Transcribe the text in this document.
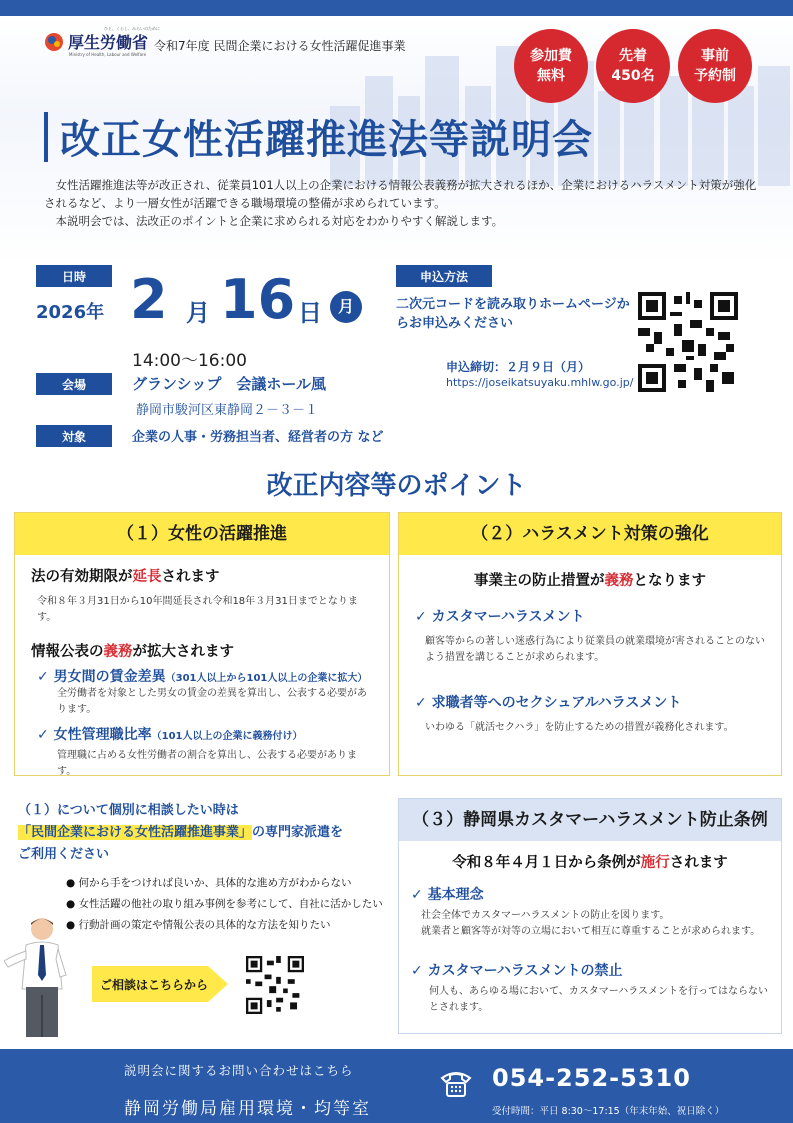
ひと、くらし、みらいのために
厚生労働省
Ministry of Health, Labour and Welfare
令和7年度 民間企業における女性活躍促進事業
参加費
無料
先着
450名
事前
予約制
改正女性活躍推進法等説明会

女性活躍推進法等が改正され、従業員101人以上の企業における情報公表義務が拡大されるほか、企業におけるハラスメント対策が強化されるなど、より一層女性が活躍できる職場環境の整備が求められています。

本説明会では、法改正のポイントと企業に求められる対応をわかりやすく解説します。

日時
2026年 2 月 16 日 月
14:00～16:00
会場	グランシップ　会議ホール風
静岡市駿河区東静岡２－３－１
対象	企業の人事・労務担当者、経営者の方 など
申込方法
二次元コードを読み取りホームページからお申込みください
申込締切：２月９日（月）
https://joseikatsuyaku.mhlw.go.jp/
改正内容等のポイント
（１）女性の活躍推進
法の有効期限が延長されます
令和８年３月31日から10年間延長され令和18年３月31日までとなります。
情報公表の義務が拡大されます
✓ 男女間の賃金差異（301人以上から101人以上の企業に拡大）
全労働者を対象とした男女の賃金の差異を算出し、公表する必要があります。
✓ 女性管理職比率（101人以上の企業に義務付け）
管理職に占める女性労働者の割合を算出し、公表する必要があります。
（２）ハラスメント対策の強化
事業主の防止措置が義務となります
✓ カスタマーハラスメント
顧客等からの著しい迷惑行為により従業員の就業環境が害されることのないよう措置を講じることが求められます。
✓ 求職者等へのセクシュアルハラスメント
いわゆる「就活セクハラ」を防止するための措置が義務化されます。
（１）について個別に相談したい時は
「民間企業における女性活躍推進事業」の専門家派遣を
ご利用ください
● 何から手をつければ良いか、具体的な進め方がわからない
● 女性活躍の他社の取り組み事例を参考にして、自社に活かしたい
● 行動計画の策定や情報公表の具体的な方法を知りたい
ご相談はこちらから
（３）静岡県カスタマーハラスメント防止条例
令和８年４月１日から条例が施行されます
✓ 基本理念
社会全体でカスタマーハラスメントの防止を図ります。
就業者と顧客等が対等の立場において相互に尊重することが求められます。
✓ カスタマーハラスメントの禁止
何人も、あらゆる場において、カスタマーハラスメントを行ってはならないとされます。
説明会に関するお問い合わせはこちら
静岡労働局雇用環境・均等室
054-252-5310
受付時間：平日 8:30～17:15（年末年始、祝日除く）
